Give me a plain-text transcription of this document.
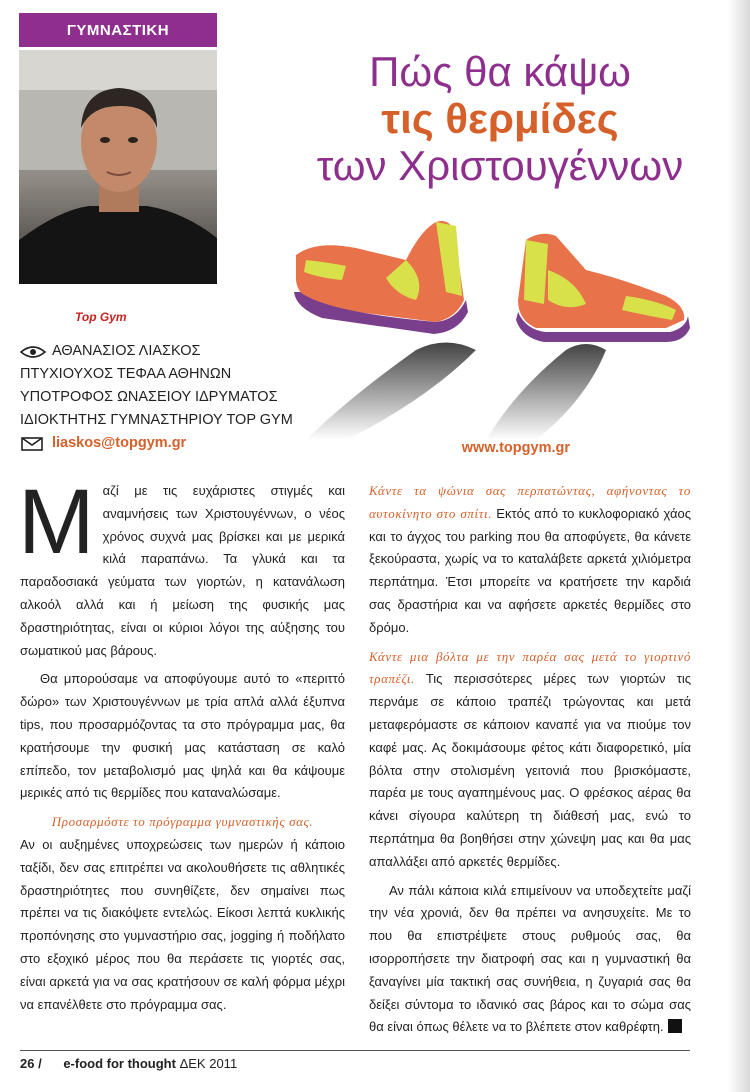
ΓΥΜΝΑΣΤΙΚΗ
Top Gym
Πώς θα κάψω
τις θερμίδες
των Χριστουγέννων
ΑΘΑΝΑΣΙΟΣ ΛΙΑΣΚΟΣ
ΠΤΥΧΙΟΥΧΟΣ ΤΕΦΑΑ ΑΘΗΝΩΝ
ΥΠΟΤΡΟΦΟΣ ΩΝΑΣΕΙΟΥ ΙΔΡΥΜΑΤΟΣ
ΙΔΙΟΚΤΗΤΗΣ ΓΥΜΝΑΣΤΗΡΙΟΥ TOP GYM
liaskos@topgym.gr	www.topgym.gr

Μαζί με τις ευχάριστες στιγμές και αναμνήσεις των Χριστουγέννων, ο νέος χρόνος συχνά μας βρίσκει και με μερικά κιλά παραπάνω. Τα γλυκά και τα παραδοσιακά γεύματα των γιορτών, η κατανάλωση αλκοόλ αλλά και ή μείωση της φυσικής μας δραστηριότητας, είναι οι κύριοι λόγοι της αύξησης του σωματικού μας βάρους.

Θα μπορούσαμε να αποφύγουμε αυτό το «περιττό δώρο» των Χριστουγέννων με τρία απλά αλλά έξυπνα tips, που προσαρμόζοντας τα στο πρόγραμμα μας, θα κρατήσουμε την φυσική μας κατάσταση σε καλό επίπεδο, τον μεταβολισμό μας ψηλά και θα κάψουμε μερικές από τις θερμίδες που καταναλώσαμε.

Προσαρμόστε το πρόγραμμα γυμναστικής σας.
Αν οι αυξημένες υποχρεώσεις των ημερών ή κάποιο ταξίδι, δεν σας επιτρέπει να ακολουθήσετε τις αθλητικές δραστηριότητες που συνηθίζετε, δεν σημαίνει πως πρέπει να τις διακόψετε εντελώς. Είκοσι λεπτά κυκλικής προπόνησης στο γυμναστήριο σας, jogging ή ποδήλατο στο εξοχικό μέρος που θα περάσετε τις γιορτές σας, είναι αρκετά για να σας κρατήσουν σε καλή φόρμα μέχρι να επανέλθετε στο πρόγραμμα σας.

Κάντε τα ψώνια σας περπατώντας, αφήνοντας το αυτοκίνητο στο σπίτι. Εκτός από το κυκλοφοριακό χάος και το άγχος του parking που θα αποφύγετε, θα κάνετε ξεκούραστα, χωρίς να το καταλάβετε αρκετά χιλιόμετρα περπάτημα. Έτσι μπορείτε να κρατήσετε την καρδιά σας δραστήρια και να αφήσετε αρκετές θερμίδες στο δρόμο.

Κάντε μια βόλτα με την παρέα σας μετά το γιορτινό τραπέζι. Τις περισσότερες μέρες των γιορτών τις περνάμε σε κάποιο τραπέζι τρώγοντας και μετά μεταφερόμαστε σε κάποιον καναπέ για να πιούμε τον καφέ μας. Ας δοκιμάσουμε φέτος κάτι διαφορετικό, μία βόλτα στην στολισμένη γειτονιά που βρισκόμαστε, παρέα με τους αγαπημένους μας. Ο φρέσκος αέρας θα κάνει σίγουρα καλύτερη τη διάθεσή μας, ενώ το περπάτημα θα βοηθήσει στην χώνεψη μας και θα μας απαλλάξει από αρκετές θερμίδες.

Αν πάλι κάποια κιλά επιμείνουν να υποδεχτείτε μαζί την νέα χρονιά, δεν θα πρέπει να ανησυχείτε. Με το που θα επιστρέψετε στους ρυθμούς σας, θα ισορροπήσετε την διατροφή σας και η γυμναστική θα ξαναγίνει μία τακτική σας συνήθεια, η ζυγαριά σας θα δείξει σύντομα το ιδανικό σας βάρος και το σώμα σας θα είναι όπως θέλετε να το βλέπετε στον καθρέφτη.

26 / e-food for thought ΔΕΚ 2011
